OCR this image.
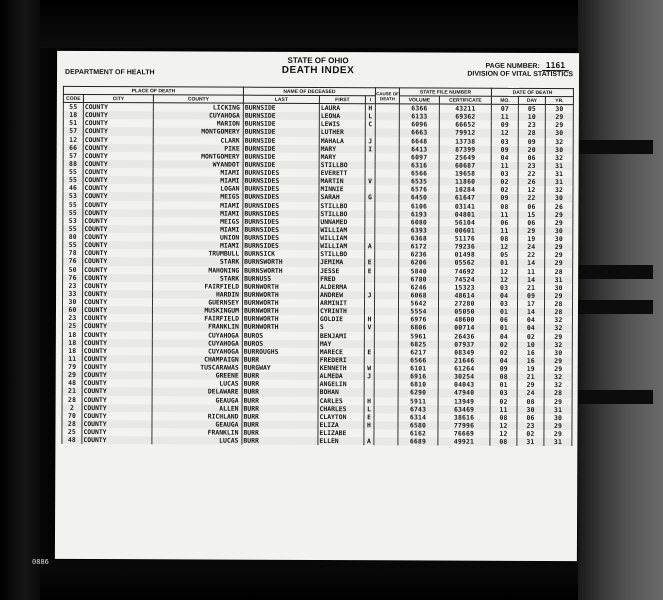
DEPARTMENT OF HEALTH
STATE OF OHIO
DEATH INDEX	PAGE NUMBER: 1161
DIVISION OF VITAL STATISTICS
PLACE OF DEATH			NAME OF DECEASED			CAUSE OF DEATH	STATE FILE NUMBER		DATE OF DEATH		
CODE	CITY	COUNTY	LAST	FIRST	I		VOLUME	CERTIFICATE	MO.	DAY	YR.
55	COUNTY	LICKING	BURNSIDE	LAURA	H		6366	43211	07	05	30
18	COUNTY	CUYAHOGA	BURNSIDE	LEONA	L		6133	69362	11	10	29
51	COUNTY	MARION	BURNSIDE	LEWIS	C		6096	66652	09	23	29
57	COUNTY	MONTGOMERY	BURNSIDE	LUTHER			6663	79912	12	28	30
12	COUNTY	CLARK	BURNSIDE	MAHALA	J		6648	13738	03	09	32
66	COUNTY	PIKE	BURNSIDE	MARY	I		6413	87399	09	20	30
57	COUNTY	MONTGOMERY	BURNSIDE	MARY			6097	25649	04	06	32
88	COUNTY	WYANDOT	BURNSIDE	STILLBO			6316	60687	11	23	31
55	COUNTY	MIAMI	BURNSIDES	EVERETT			6566	19658	03	22	31
55	COUNTY	MIAMI	BURNSIDES	MARTIN	V		6535	11860	02	26	31
46	COUNTY	LOGAN	BURNSIDES	MINNIE			6576	10284	02	12	32
53	COUNTY	MEIGS	BURNSIDES	SARAH	G		6450	61647	09	22	30
55	COUNTY	MIAMI	BURNSIDES	STILLBO			6106	03141	08	06	26
55	COUNTY	MIAMI	BURNSIDES	STILLBO			6193	04801	11	15	29
53	COUNTY	MEIGS	BURNSIDES	UNNAMED			6080	56104	06	06	29
55	COUNTY	MIAMI	BURNSIDES	WILLIAM			6393	00601	11	29	30
80	COUNTY	UNION	BURNSIDES	WILLIAM			6368	51176	08	19	30
55	COUNTY	MIAMI	BURNSIDES	WILLIAM	A		6172	79236	12	24	29
78	COUNTY	TRUMBULL	BURNSICK	STILLBO			6236	01498	05	22	29
76	COUNTY	STARK	BURNSWORTH	JEMIMA	E		6206	05562	01	14	29
50	COUNTY	MAHONING	BURNSWORTH	JESSE	E		5840	74692	12	11	28
76	COUNTY	STARK	BURNUSS	FRED			6780	74524	12	14	31
23	COUNTY	FAIRFIELD	BURNWORTH	ALDERMA			6246	15323	03	21	30
33	COUNTY	HARDIN	BURNWORTH	ANDREW	J		6068	48614	04	09	29
30	COUNTY	GUERNSEY	BURNWORTH	ARMINIT			5642	27280	03	17	28
60	COUNTY	MUSKINGUM	BURNWORTH	CYRINTH			5554	05050	01	14	28
23	COUNTY	FAIRFIELD	BURNWORTH	GOLDIE	H		6976	48600	06	04	32
25	COUNTY	FRANKLIN	BURNWORTH	S	V		6806	00714	01	04	32
18	COUNTY	CUYAHOGA	BUROS	BENJAMI			5961	26436	04	02	29
18	COUNTY	CUYAHOGA	BUROS	MAY			6825	07937	02	10	32
18	COUNTY	CUYAHOGA	BURROUGHS	MARECE	E		6217	08349	02	16	30
11	COUNTY	CHAMPAIGN	BURR	FREDERI			6566	21646	04	16	29
79	COUNTY	TUSCARAWAS	BURGWAY	KENNETH	W		6101	61264	09	19	29
29	COUNTY	GREENE	BURR	ALMEDA	J		6916	30254	08	21	32
48	COUNTY	LUCAS	BURR	ANGELIN			6810	04043	01	29	32
21	COUNTY	DELAWARE	BURR	BOHAN			6290	47940	03	24	28
28	COUNTY	GEAUGA	BURR	CARLES	H		5911	13949	02	08	29
2	COUNTY	ALLEN	BURR	CHARLES	L		6743	63469	11	30	31
70	COUNTY	RICHLAND	BURR	CLAYTON	E		6314	38616	08	06	30
28	COUNTY	GEAUGA	BURR	ELIZA	H		6580	77996	12	23	29
25	COUNTY	FRANKLIN	BURR	ELIZABE			6162	76669	12	02	29
48	COUNTY	LUCAS	BURR	ELLEN	A		6689	49921	08	31	31
0886
